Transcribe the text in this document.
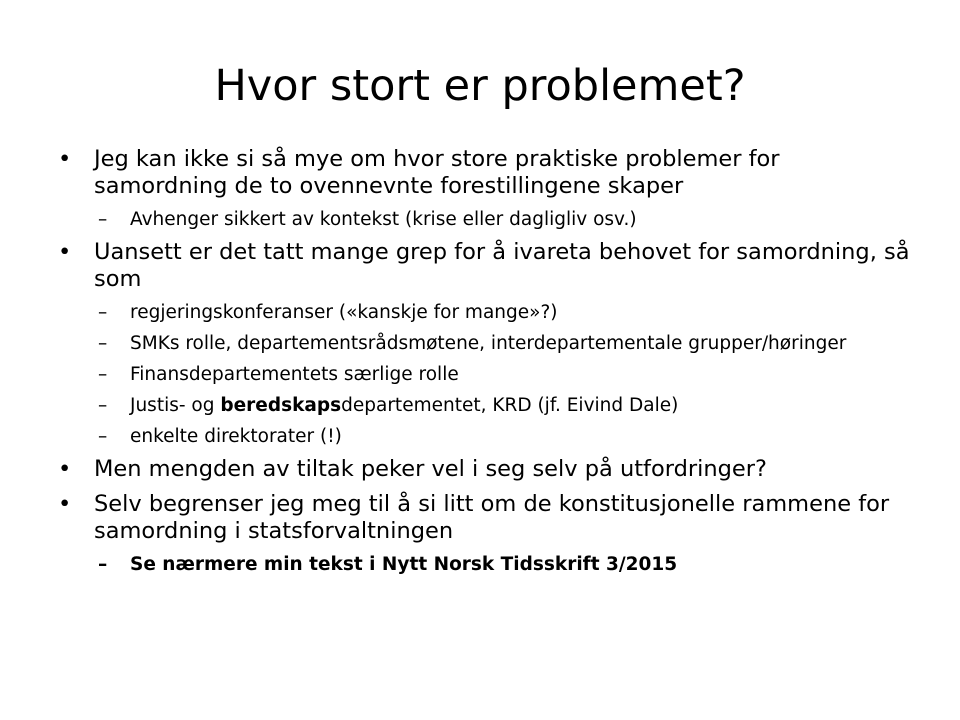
Hvor stort er problemet?
• Jeg kan ikke si så mye om hvor store praktiske problemer for samordning de to ovennevnte forestillingene skaper
– Avhenger sikkert av kontekst (krise eller dagligliv osv.)
• Uansett er det tatt mange grep for å ivareta behovet for samordning, så som
– regjeringskonferanser («kanskje for mange»?)
– SMKs rolle, departementsrådsmøtene, interdepartementale grupper/høringer
– Finansdepartementets særlige rolle
– Justis- og beredskapsdepartementet, KRD (jf. Eivind Dale)
– enkelte direktorater (!)
• Men mengden av tiltak peker vel i seg selv på utfordringer?
• Selv begrenser jeg meg til å si litt om de konstitusjonelle rammene for samordning i statsforvaltningen
– Se nærmere min tekst i Nytt Norsk Tidsskrift 3/2015
